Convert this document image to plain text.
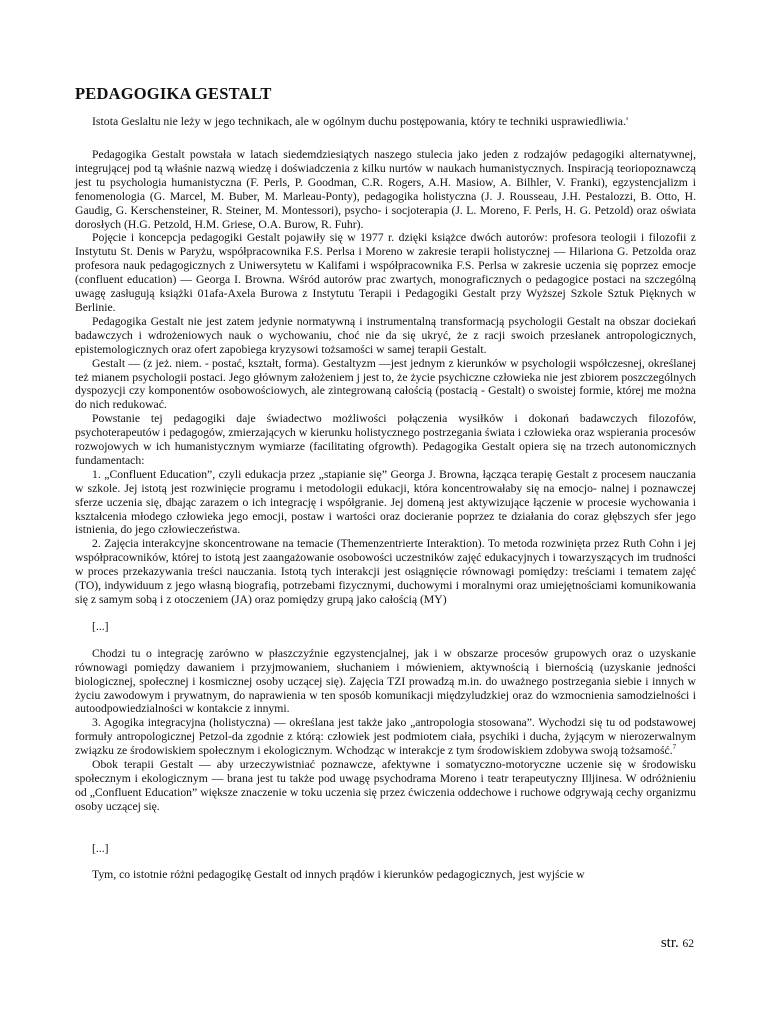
PEDAGOGIKA GESTALT

Istota Geslaltu nie leży w jego technikach, ale w ogólnym duchu postępowania, który te techniki usprawiedliwia.'

Pedagogika Gestalt powstała w latach siedemdziesiątych naszego stulecia jako jeden z rodzajów pedagogiki alternatywnej, integrującej pod tą właśnie nazwą wiedzę i doświadczenia z kilku nurtów w naukach humanistycznych. Inspiracją teoriopoznawczą jest tu psychologia humanistyczna (F. Perls, P. Goodman, C.R. Rogers, A.H. Masiow, A. Bilhler, V. Franki), egzystencjalizm i fenomenologia (G. Marcel, M. Buber, M. Marleau-Ponty), pedagogika holistyczna (J. J. Rousseau, J.H. Pestalozzi, B. Otto, H. Gaudig, G. Kerschensteiner, R. Steiner, M. Montessori), psycho- i socjoterapia (J. L. Moreno, F. Perls, H. G. Petzold) oraz oświata dorosłych (H.G. Petzold, H.M. Griese, O.A. Burow, R. Fuhr).

Pojęcie i koncepcja pedagogiki Gestalt pojawiły się w 1977 r. dzięki książce dwóch autorów: profesora teologii i filozofii z Instytutu St. Denis w Paryżu, współpracownika F.S. Perlsa i Moreno w zakresie terapii holistycznej — Hilariona G. Petzolda oraz profesora nauk pedagogicznych z Uniwersytetu w Kalifami i współpracownika F.S. Perlsa w zakresie uczenia się poprzez emocje (confluent education) — Georga I. Browna. Wśród autorów prac zwartych, monograficznych o pedagogice postaci na szczególną uwagę zasługują książki 01afa-Axela Burowa z Instytutu Terapii i Pedagogiki Gestalt przy Wyższej Szkole Sztuk Pięknych w Berlinie.

Pedagogika Gestalt nie jest zatem jedynie normatywną i instrumentalną transformacją psychologii Gestalt na obszar dociekań badawczych i wdrożeniowych nauk o wychowaniu, choć nie da się ukryć, że z racji swoich przesłanek antropologicznych, epistemologicznych oraz ofert zapobiega kryzysowi tożsamości w samej terapii Gestalt.

Gestalt — (z jeż. niem. - postać, kształt, forma). Gestaltyzm —jest jednym z kierunków w psychologii współczesnej, określanej też mianem psychologii postaci. Jego głównym założeniem j jest to, że życie psychiczne człowieka nie jest zbiorem poszczególnych dyspozycji czy komponentów osobowościowych, ale zintegrowaną całością (postacią - Gestalt) o swoistej formie, której me można do nich redukować.

Powstanie tej pedagogiki daje świadectwo możliwości połączenia wysiłków i dokonań badawczych filozofów, psychoterapeutów i pedagogów, zmierzających w kierunku holistycznego postrzegania świata i człowieka oraz wspierania procesów rozwojowych w ich humanistycznym wymiarze (facilitating ofgrowth). Pedagogika Gestalt opiera się na trzech autonomicznych fundamentach:

1. „Confluent Education”, czyli edukacja przez „stapianie się” Georga J. Browna, łącząca terapię Gestalt z procesem nauczania w szkole. Jej istotą jest rozwinięcie programu i metodologii edukacji, która koncentrowałaby się na emocjo- nalnej i poznawczej sferze uczenia się, dbając zarazem o ich integrację i współgranie. Jej domeną jest aktywizujące łączenie w procesie wychowania i kształcenia młodego człowieka jego emocji, postaw i wartości oraz docieranie poprzez te działania do coraz głębszych sfer jego istnienia, do jego człowieczeństwa.

2. Zajęcia interakcyjne skoncentrowane na temacie (Themenzentrierte Interaktion). To metoda rozwinięta przez Ruth Cohn i jej współpracowników, której to istotą jest zaangażowanie osobowości uczestników zajęć edukacyjnych i towarzyszących im trudności w proces przekazywania treści nauczania. Istotą tych interakcji jest osiągnięcie równowagi pomiędzy: treściami i tematem zajęć (TO), indywiduum z jego własną biografią, potrzebami fizycznymi, duchowymi i moralnymi oraz umiejętnościami komunikowania się z samym sobą i z otoczeniem (JA) oraz pomiędzy grupą jako całością (MY)

[...]

Chodzi tu o integrację zarówno w płaszczyźnie egzystencjalnej, jak i w obszarze procesów grupowych oraz o uzyskanie równowagi pomiędzy dawaniem i przyjmowaniem, słuchaniem i mówieniem, aktywnością i biernością (uzyskanie jedności biologicznej, społecznej i kosmicznej osoby uczącej się). Zajęcia TZI prowadzą m.in. do uważnego postrzegania siebie i innych w życiu zawodowym i prywatnym, do naprawienia w ten sposób komunikacji międzyludzkiej oraz do wzmocnienia samodzielności i autoodpowiedzialności w kontakcie z innymi.

3. Agogika integracyjna (holistyczna) — określana jest także jako „antropologia stosowana”. Wychodzi się tu od podstawowej formuły antropologicznej Petzol-da zgodnie z którą: człowiek jest podmiotem ciała, psychiki i ducha, żyjącym w nierozerwalnym związku ze środowiskiem społecznym i ekologicznym. Wchodząc w interakcje z tym środowiskiem zdobywa swoją tożsamość.$^7$

Obok terapii Gestalt — aby urzeczywistniać poznawcze, afektywne i somatyczno-motoryczne uczenie się w środowisku społecznym i ekologicznym — brana jest tu także pod uwagę psychodrama Moreno i teatr terapeutyczny Illjinesa. W odróżnieniu od „Confluent Education” większe znaczenie w toku uczenia się przez ćwiczenia oddechowe i ruchowe odgrywają cechy organizmu osoby uczącej się.

[...]

Tym, co istotnie różni pedagogikę Gestalt od innych prądów i kierunków pedagogicznych, jest wyjście w

str. 62
